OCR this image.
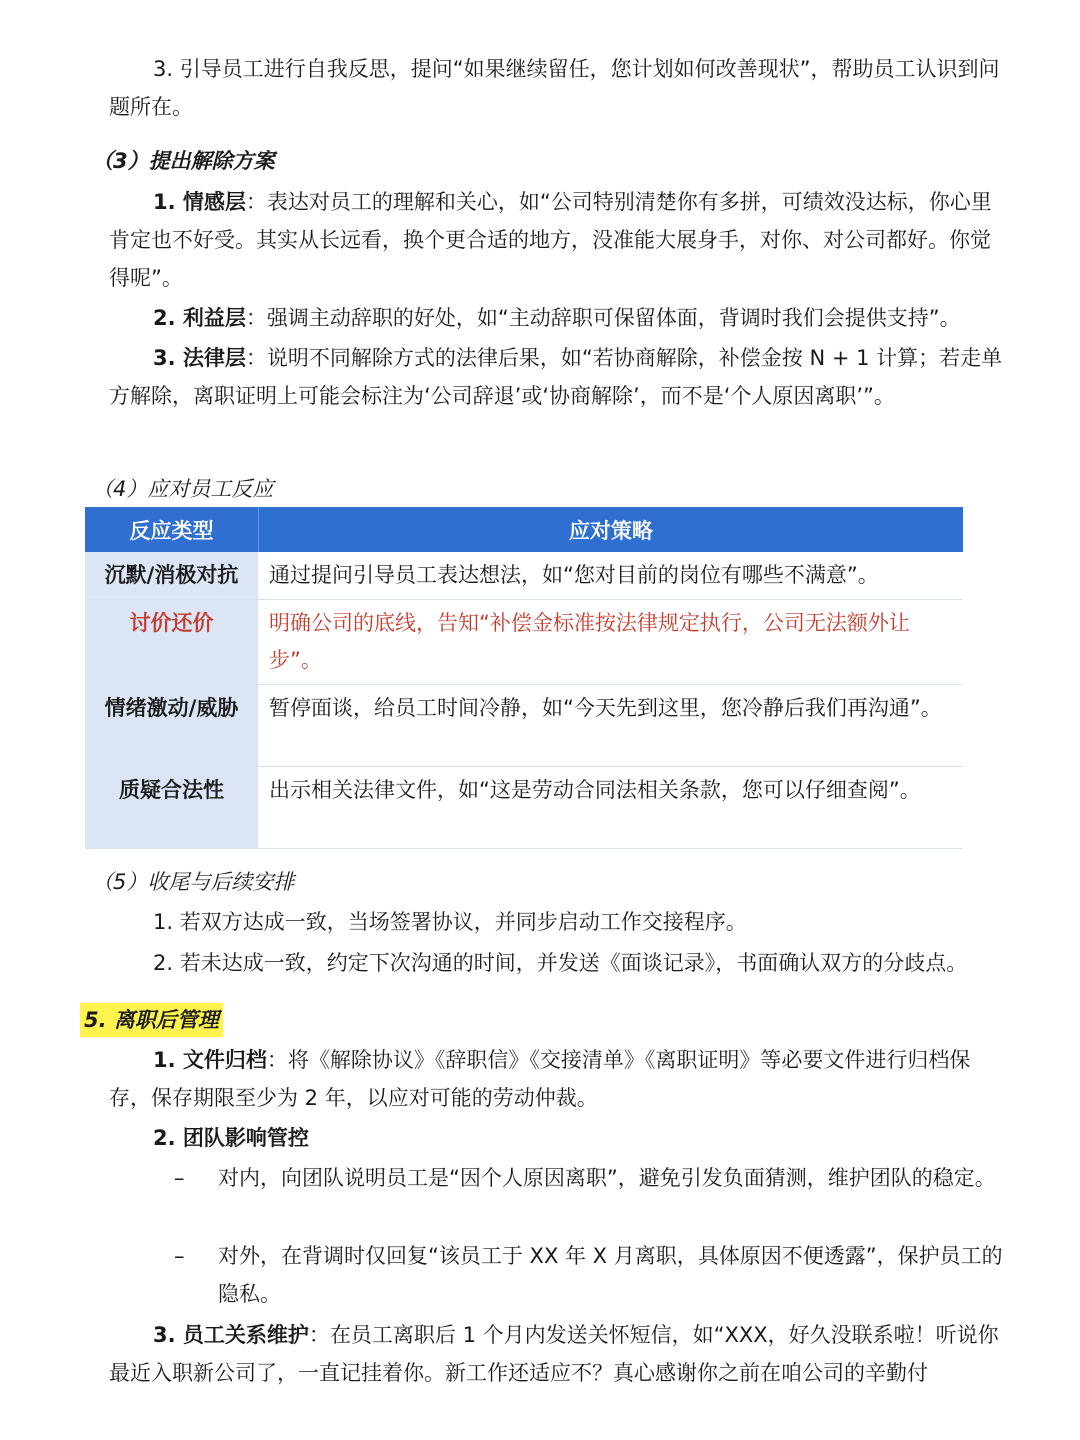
3. 引导员工进行自我反思，提问“如果继续留任，您计划如何改善现状”，帮助员工认识到问题所在。
（3）提出解除方案
1. 情感层：表达对员工的理解和关心，如“公司特别清楚你有多拼，可绩效没达标，你心里肯定也不好受。其实从长远看，换个更合适的地方，没准能大展身手，对你、对公司都好。你觉得呢”。
2. 利益层：强调主动辞职的好处，如“主动辞职可保留体面，背调时我们会提供支持”。
3. 法律层：说明不同解除方式的法律后果，如“若协商解除，补偿金按 N + 1 计算；若走单方解除，离职证明上可能会标注为‘公司辞退’或‘协商解除’，而不是‘个人原因离职’”。
（4）应对员工反应
反应类型	应对策略
沉默/消极对抗	通过提问引导员工表达想法，如“您对目前的岗位有哪些不满意”。
讨价还价	明确公司的底线，告知“补偿金标准按法律规定执行，公司无法额外让步”。
情绪激动/威胁	暂停面谈，给员工时间冷静，如“今天先到这里，您冷静后我们再沟通”。
质疑合法性	出示相关法律文件，如“这是劳动合同法相关条款，您可以仔细查阅”。
（5）收尾与后续安排
1. 若双方达成一致，当场签署协议，并同步启动工作交接程序。
2. 若未达成一致，约定下次沟通的时间，并发送《面谈记录》，书面确认双方的分歧点。
5. 离职后管理
1. 文件归档：将《解除协议》《辞职信》《交接清单》《离职证明》等必要文件进行归档保存，保存期限至少为 2 年，以应对可能的劳动仲裁。
2. 团队影响管控
– 对内，向团队说明员工是“因个人原因离职”，避免引发负面猜测，维护团队的稳定。
– 对外，在背调时仅回复“该员工于 XX 年 X 月离职，具体原因不便透露”，保护员工的隐私。
3. 员工关系维护：在员工离职后 1 个月内发送关怀短信，如“XXX，好久没联系啦！听说你最近入职新公司了，一直记挂着你。新工作还适应不？真心感谢你之前在咱公司的辛勤付
